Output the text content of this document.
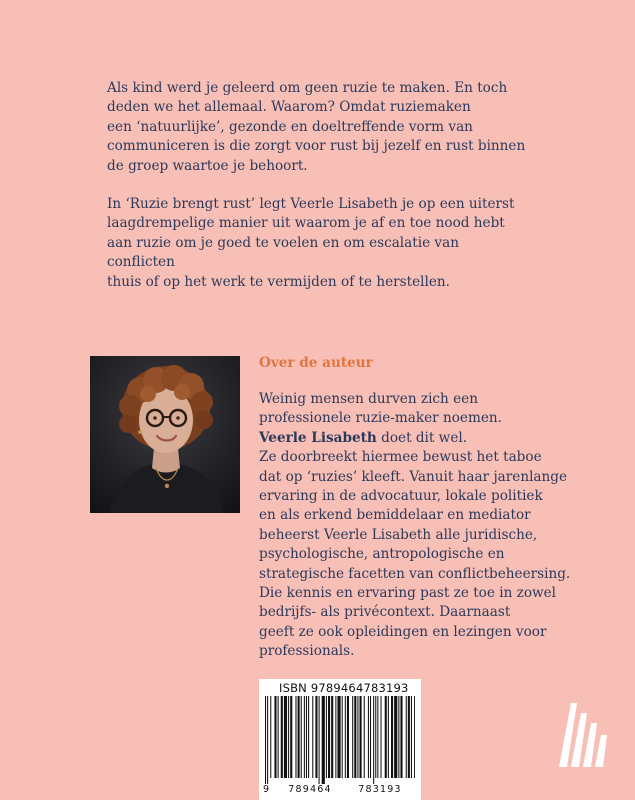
Als kind werd je geleerd om geen ruzie te maken. En toch
deden we het allemaal. Waarom? Omdat ruziemaken
een ‘natuurlijke’, gezonde en doeltreffende vorm van
communiceren is die zorgt voor rust bij jezelf en rust binnen
de groep waartoe je behoort.

In ‘Ruzie brengt rust’ legt Veerle Lisabeth je op een uiterst
laagdrempelige manier uit waarom je af en toe nood hebt
aan ruzie om je goed te voelen en om escalatie van conflicten
thuis of op het werk te vermijden of te herstellen.

Over de auteur
Weinig mensen durven zich een
professionele ruzie-maker noemen.
Veerle Lisabeth doet dit wel.
Ze doorbreekt hiermee bewust het taboe
dat op ‘ruzies’ kleeft. Vanuit haar jarenlange
ervaring in de advocatuur, lokale politiek
en als erkend bemiddelaar en mediator
beheerst Veerle Lisabeth alle juridische,
psychologische, antropologische en
strategische facetten van conflictbeheersing.
Die kennis en ervaring past ze toe in zowel
bedrijfs- als privécontext. Daarnaast
geeft ze ook opleidingen en lezingen voor
professionals.
ISBN 9789464783193
9	789464	783193
